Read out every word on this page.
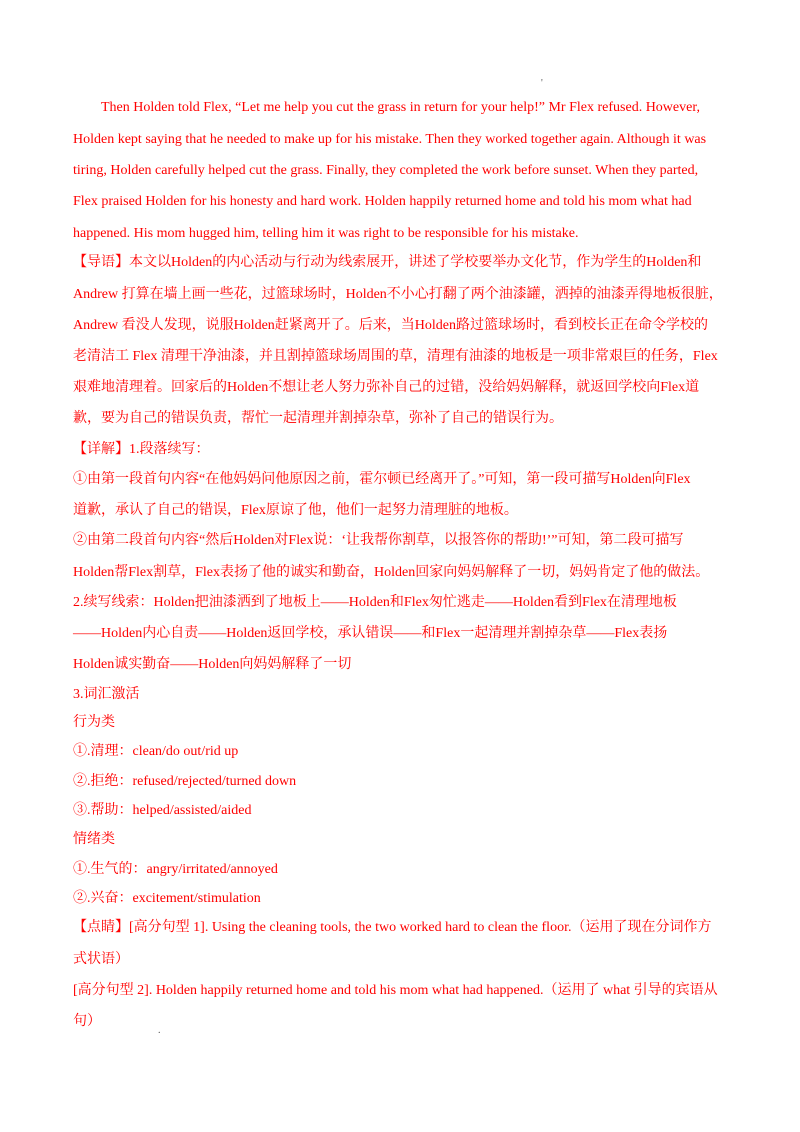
'
Then Holden told Flex, “Let me help you cut the grass in return for your help!” Mr Flex refused. However,
Holden kept saying that he needed to make up for his mistake. Then they worked together again. Although it was
tiring, Holden carefully helped cut the grass. Finally, they completed the work before sunset. When they parted,
Flex praised Holden for his honesty and hard work. Holden happily returned home and told his mom what had
happened. His mom hugged him, telling him it was right to be responsible for his mistake.
【导语】本文以Holden的内心活动与行动为线索展开，讲述了学校要举办文化节，作为学生的Holden和
Andrew 打算在墙上画一些花，过篮球场时，Holden不小心打翻了两个油漆罐，洒掉的油漆弄得地板很脏，
Andrew 看没人发现，说服Holden赶紧离开了。后来，当Holden路过篮球场时，看到校长正在命令学校的
老清洁工 Flex 清理干净油漆，并且割掉篮球场周围的草，清理有油漆的地板是一项非常艰巨的任务，Flex
艰难地清理着。回家后的Holden不想让老人努力弥补自己的过错，没给妈妈解释，就返回学校向Flex道
歉，要为自己的错误负责，帮忙一起清理并割掉杂草，弥补了自己的错误行为。
【详解】1.段落续写：
①由第一段首句内容“在他妈妈问他原因之前，霍尔顿已经离开了。”可知，第一段可描写Holden向Flex
道歉，承认了自己的错误，Flex原谅了他，他们一起努力清理脏的地板。
②由第二段首句内容“然后Holden对Flex说：‘让我帮你割草，以报答你的帮助!’”可知，第二段可描写
Holden帮Flex割草，Flex表扬了他的诚实和勤奋，Holden回家向妈妈解释了一切，妈妈肯定了他的做法。
2.续写线索：Holden把油漆洒到了地板上——Holden和Flex匆忙逃走——Holden看到Flex在清理地板
——Holden内心自责——Holden返回学校，承认错误——和Flex一起清理并割掉杂草——Flex表扬
Holden诚实勤奋——Holden向妈妈解释了一切
3.词汇激活
行为类
①.清理：clean/do out/rid up
②.拒绝：refused/rejected/turned down
③.帮助：helped/assisted/aided
情绪类
①.生气的：angry/irritated/annoyed
②.兴奋：excitement/stimulation
【点睛】[高分句型 1]. Using the cleaning tools, the two worked hard to clean the floor.（运用了现在分词作方
式状语）
[高分句型 2]. Holden happily returned home and told his mom what had happened.（运用了 what 引导的宾语从
句）
.
